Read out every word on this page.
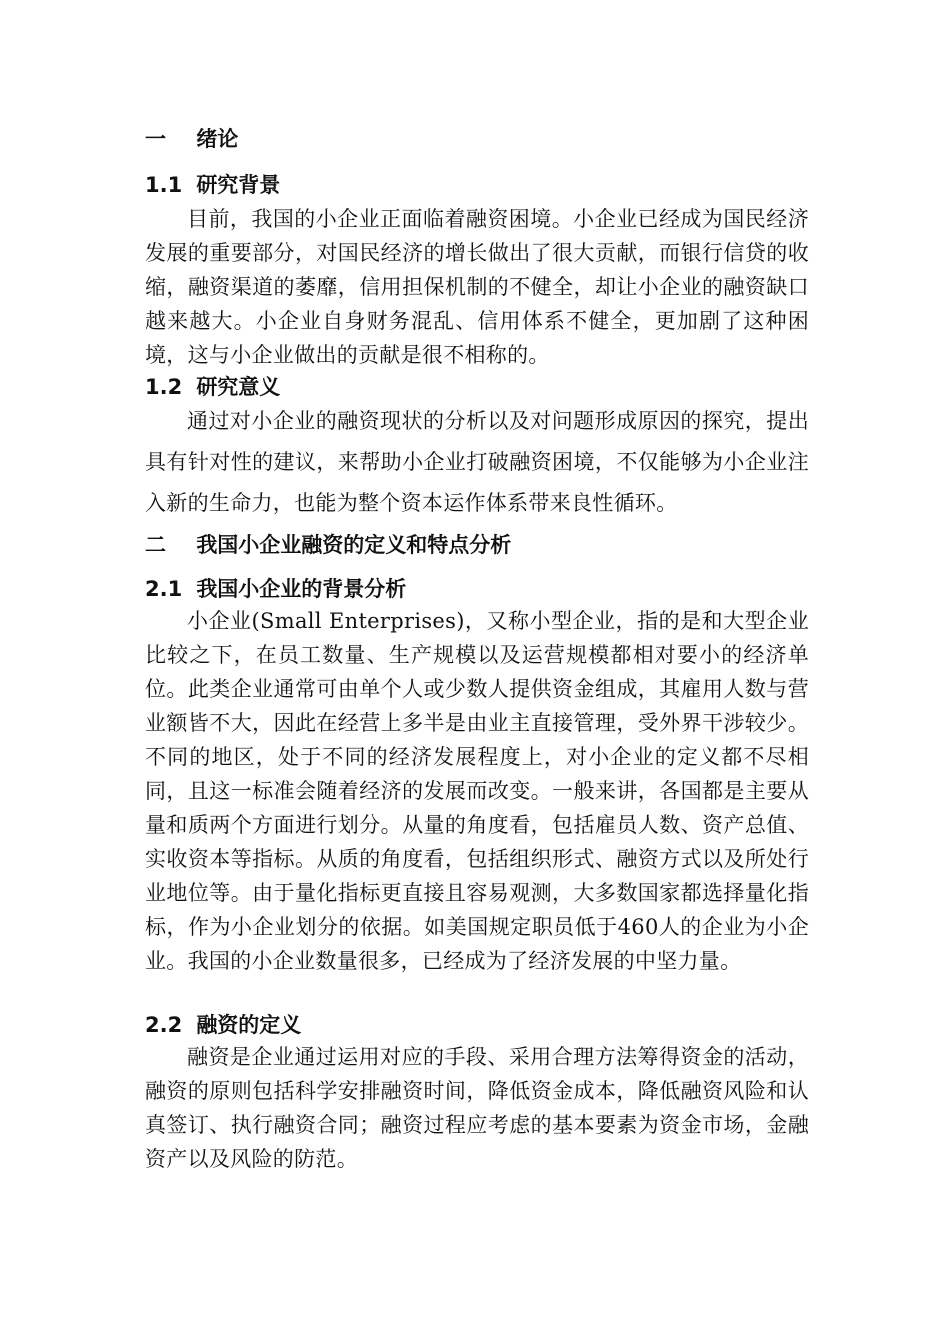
一 绪论
1.1 研究背景
目前，我国的小企业正面临着融资困境。小企业已经成为国民经济发展的重要部分，对国民经济的增长做出了很大贡献，而银行信贷的收缩，融资渠道的萎靡，信用担保机制的不健全，却让小企业的融资缺口越来越大。小企业自身财务混乱、信用体系不健全，更加剧了这种困境，这与小企业做出的贡献是很不相称的。
1.2 研究意义
通过对小企业的融资现状的分析以及对问题形成原因的探究，提出具有针对性的建议，来帮助小企业打破融资困境，不仅能够为小企业注入新的生命力，也能为整个资本运作体系带来良性循环。
二 我国小企业融资的定义和特点分析
2.1 我国小企业的背景分析
小企业(Small Enterprises)，又称小型企业，指的是和大型企业比较之下，在员工数量、生产规模以及运营规模都相对要小的经济单位。此类企业通常可由单个人或少数人提供资金组成，其雇用人数与营业额皆不大，因此在经营上多半是由业主直接管理，受外界干涉较少。不同的地区，处于不同的经济发展程度上，对小企业的定义都不尽相同，且这一标准会随着经济的发展而改变。一般来讲，各国都是主要从量和质两个方面进行划分。从量的角度看，包括雇员人数、资产总值、实收资本等指标。从质的角度看，包括组织形式、融资方式以及所处行业地位等。由于量化指标更直接且容易观测，大多数国家都选择量化指标，作为小企业划分的依据。如美国规定职员低于460人的企业为小企业。我国的小企业数量很多，已经成为了经济发展的中坚力量。
2.2 融资的定义
融资是企业通过运用对应的手段、采用合理方法筹得资金的活动，融资的原则包括科学安排融资时间，降低资金成本，降低融资风险和认真签订、执行融资合同；融资过程应考虑的基本要素为资金市场，金融资产以及风险的防范。
